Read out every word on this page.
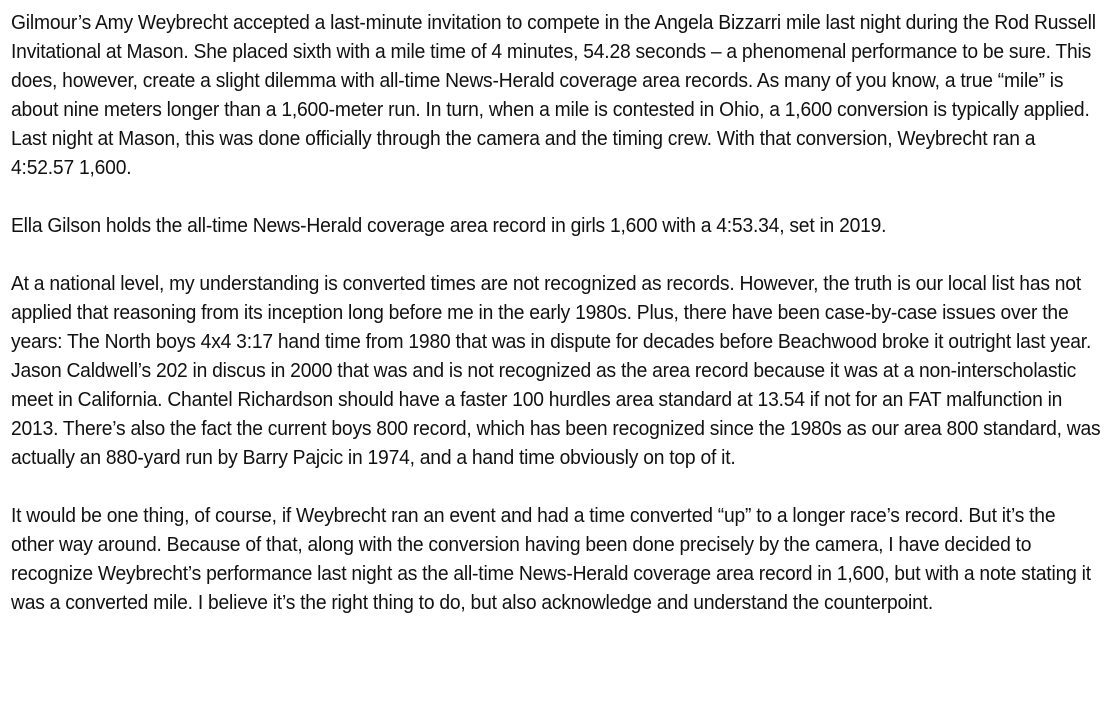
Gilmour’s Amy Weybrecht accepted a last-minute invitation to compete in the Angela Bizzarri mile last night during the Rod Russell Invitational at Mason. She placed sixth with a mile time of 4 minutes, 54.28 seconds – a phenomenal performance to be sure. This does, however, create a slight dilemma with all-time News-Herald coverage area records. As many of you know, a true “mile” is about nine meters longer than a 1,600-meter run. In turn, when a mile is contested in Ohio, a 1,600 conversion is typically applied. Last night at Mason, this was done officially through the camera and the timing crew. With that conversion, Weybrecht ran a 4:52.57 1,600.

Ella Gilson holds the all-time News-Herald coverage area record in girls 1,600 with a 4:53.34, set in 2019.

At a national level, my understanding is converted times are not recognized as records. However, the truth is our local list has not applied that reasoning from its inception long before me in the early 1980s. Plus, there have been case-by-case issues over the years: The North boys 4x4 3:17 hand time from 1980 that was in dispute for decades before Beachwood broke it outright last year. Jason Caldwell’s 202 in discus in 2000 that was and is not recognized as the area record because it was at a non-interscholastic meet in California. Chantel Richardson should have a faster 100 hurdles area standard at 13.54 if not for an FAT malfunction in 2013. There’s also the fact the current boys 800 record, which has been recognized since the 1980s as our area 800 standard, was actually an 880-yard run by Barry Pajcic in 1974, and a hand time obviously on top of it.

It would be one thing, of course, if Weybrecht ran an event and had a time converted “up” to a longer race’s record. But it’s the other way around. Because of that, along with the conversion having been done precisely by the camera, I have decided to recognize Weybrecht’s performance last night as the all-time News-Herald coverage area record in 1,600, but with a note stating it was a converted mile. I believe it’s the right thing to do, but also acknowledge and understand the counterpoint.
